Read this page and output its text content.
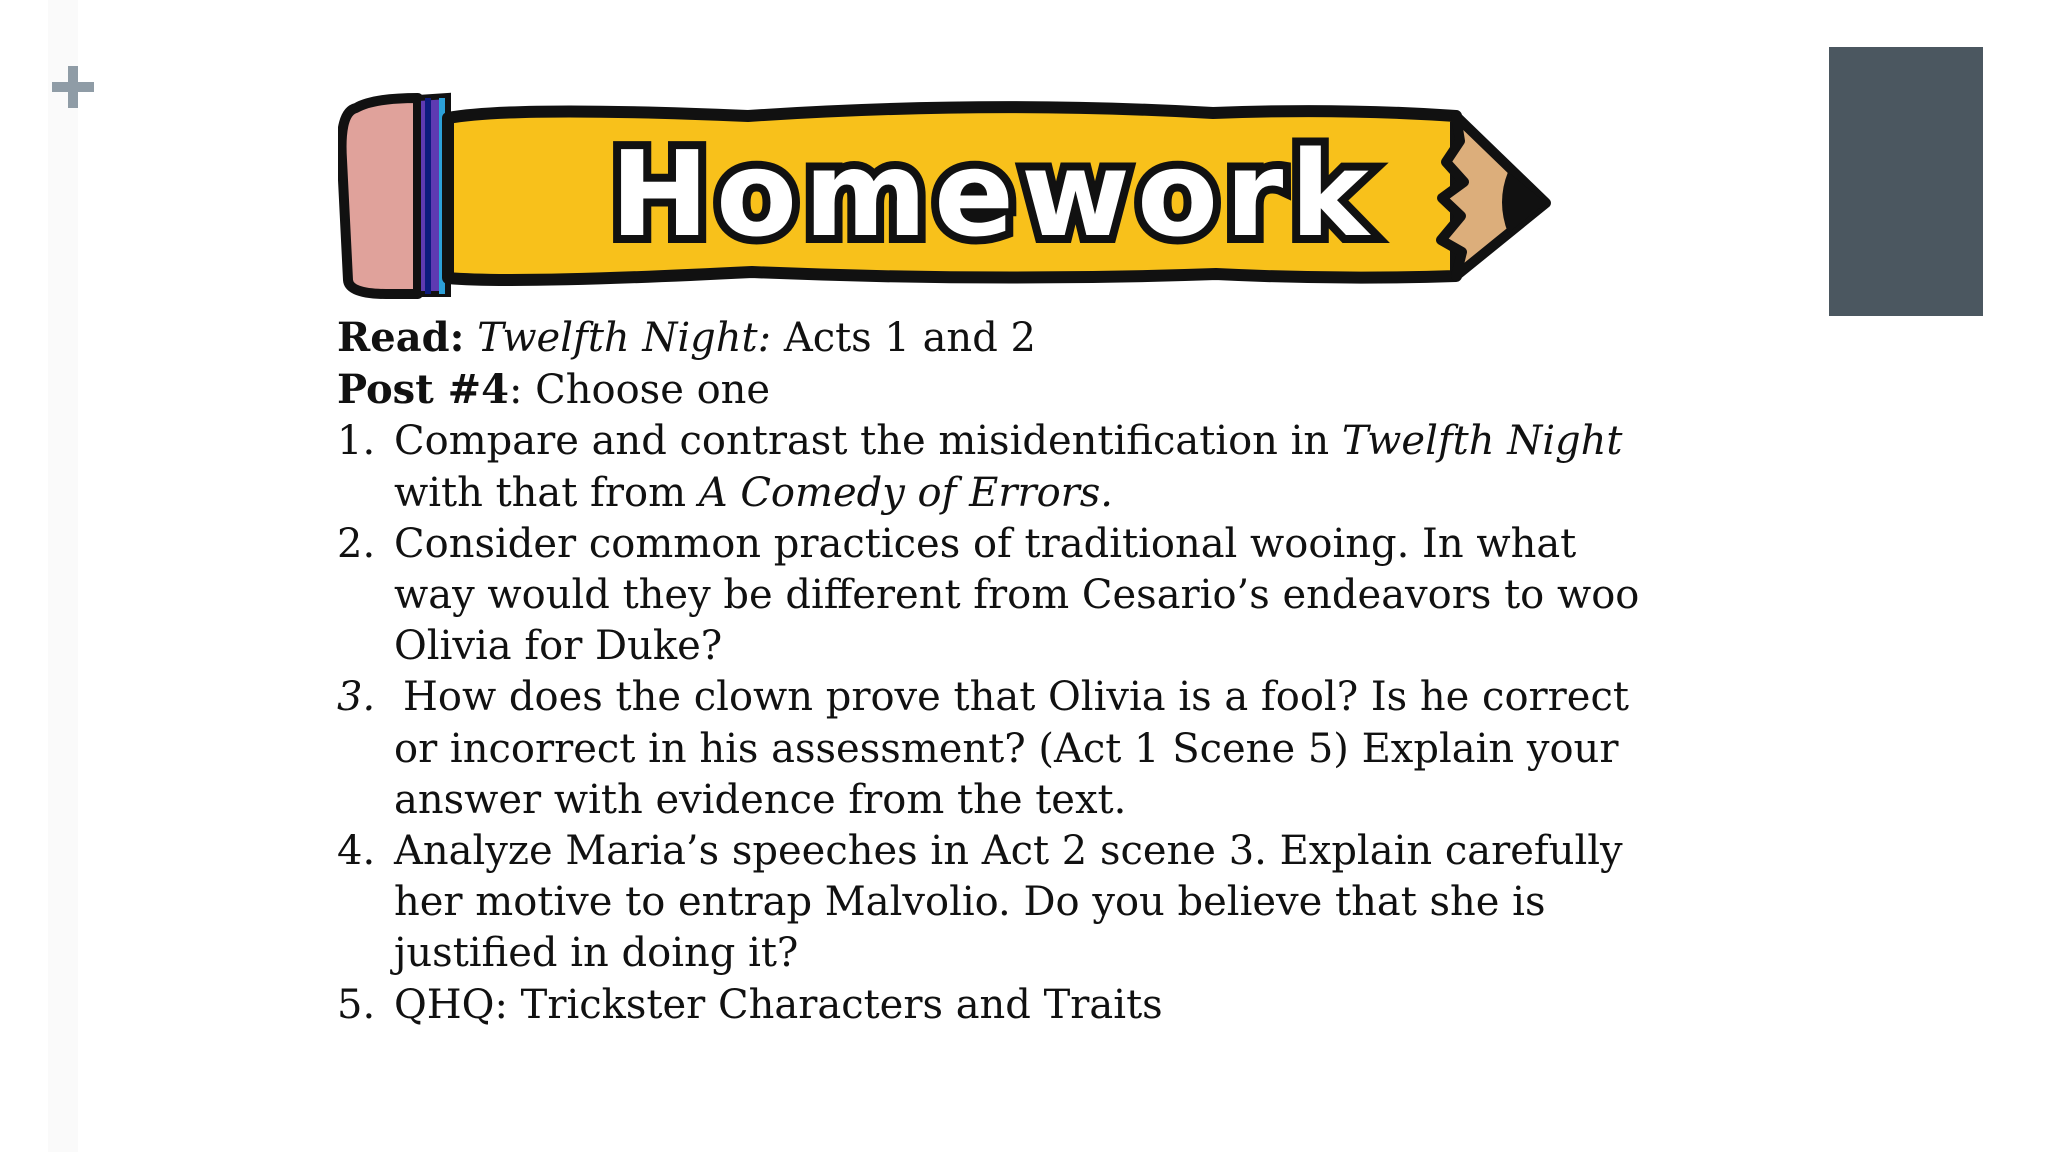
Homework

Read: Twelfth Night: Acts 1 and 2

Post #4: Choose one

1. Compare and contrast the misidentification in Twelfth Night with that from A Comedy of Errors.
2. Consider common practices of traditional wooing. In what way would they be different from Cesario’s endeavors to woo Olivia for Duke?
3. How does the clown prove that Olivia is a fool? Is he correct or incorrect in his assessment? (Act 1 Scene 5) Explain your answer with evidence from the text.
4. Analyze Maria’s speeches in Act 2 scene 3. Explain carefully her motive to entrap Malvolio. Do you believe that she is justified in doing it?
5. QHQ: Trickster Characters and Traits
